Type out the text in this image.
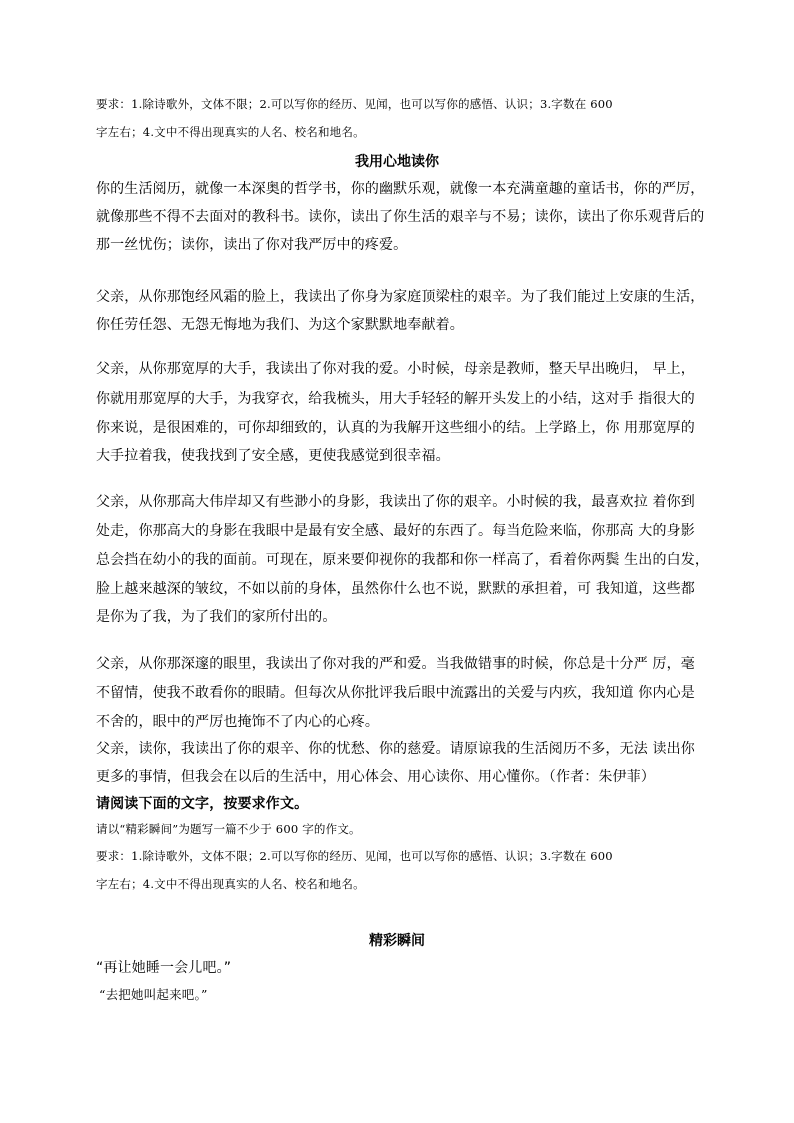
要求：1.除诗歌外，文体不限；2.可以写你的经历、见闻，也可以写你的感悟、认识；3.字数在 600
字左右；4.文中不得出现真实的人名、校名和地名。
我用心地读你
你的生活阅历，就像一本深奥的哲学书，你的幽默乐观，就像一本充满童趣的童话书，你的严厉，
就像那些不得不去面对的教科书。读你，读出了你生活的艰辛与不易；读你，读出了你乐观背后的
那一丝忧伤；读你，读出了你对我严厉中的疼爱。
父亲，从你那饱经风霜的脸上，我读出了你身为家庭顶梁柱的艰辛。为了我们能过上安康的生活，
你任劳任怨、无怨无悔地为我们、为这个家默默地奉献着。
父亲，从你那宽厚的大手，我读出了你对我的爱。小时候，母亲是教师，整天早出晚归， 早上，
你就用那宽厚的大手，为我穿衣，给我梳头，用大手轻轻的解开头发上的小结，这对手 指很大的
你来说，是很困难的，可你却细致的，认真的为我解开这些细小的结。上学路上，你 用那宽厚的
大手拉着我，使我找到了安全感，更使我感觉到很幸福。
父亲，从你那高大伟岸却又有些渺小的身影，我读出了你的艰辛。小时候的我，最喜欢拉 着你到
处走，你那高大的身影在我眼中是最有安全感、最好的东西了。每当危险来临，你那高 大的身影
总会挡在幼小的我的面前。可现在，原来要仰视你的我都和你一样高了，看着你两鬓 生出的白发，
脸上越来越深的皱纹，不如以前的身体，虽然你什么也不说，默默的承担着，可 我知道，这些都
是你为了我，为了我们的家所付出的。
父亲，从你那深邃的眼里，我读出了你对我的严和爱。当我做错事的时候，你总是十分严 厉，毫
不留情，使我不敢看你的眼睛。但每次从你批评我后眼中流露出的关爱与内疚，我知道 你内心是
不舍的，眼中的严厉也掩饰不了内心的心疼。
父亲，读你，我读出了你的艰辛、你的忧愁、你的慈爱。请原谅我的生活阅历不多，无法 读出你
更多的事情，但我会在以后的生活中，用心体会、用心读你、用心懂你。（作者：朱伊菲）
请阅读下面的文字，按要求作文。
请以“精彩瞬间”为题写一篇不少于 600 字的作文。
要求：1.除诗歌外，文体不限；2.可以写你的经历、见闻，也可以写你的感悟、认识；3.字数在 600
字左右；4.文中不得出现真实的人名、校名和地名。
精彩瞬间
“再让她睡一会儿吧。”
“去把她叫起来吧。”
